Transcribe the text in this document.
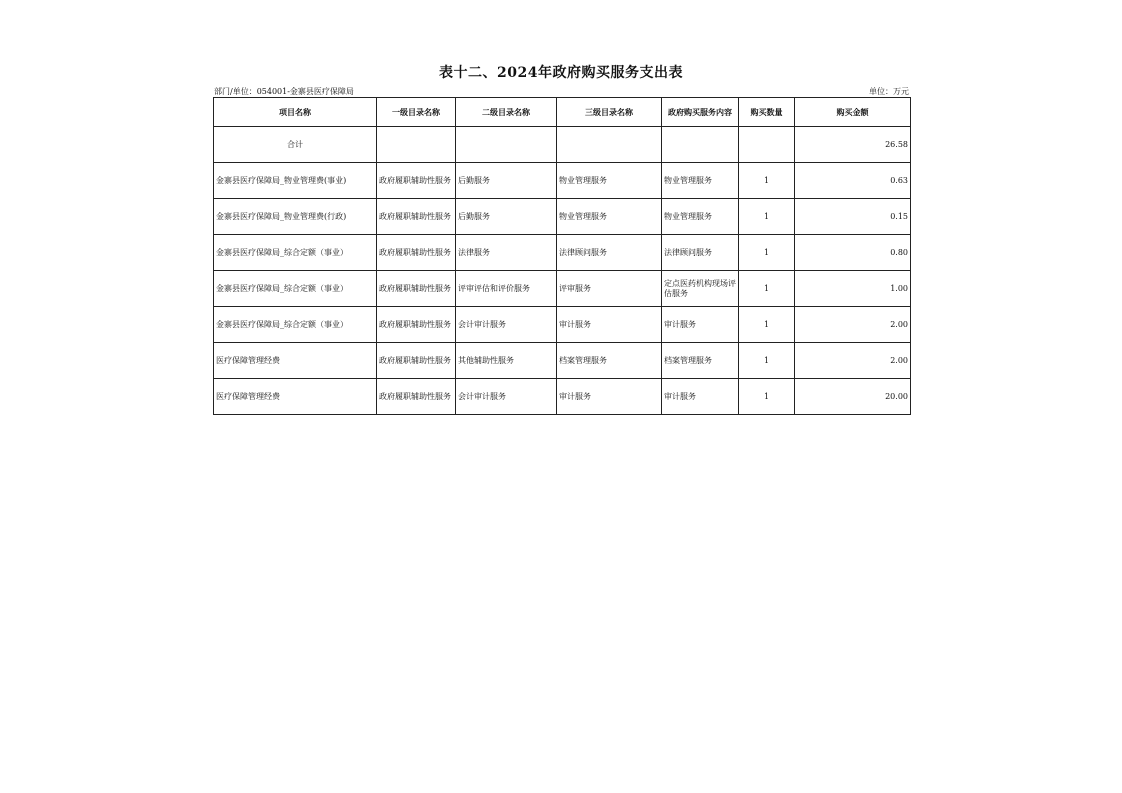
表十二、2024年政府购买服务支出表
部门/单位：054001-金寨县医疗保障局	单位：万元
项目名称	一级目录名称	二级目录名称	三级目录名称	政府购买服务内容	购买数量	购买金额
合计						26.58
金寨县医疗保障局_物业管理费(事业)	政府履职辅助性服务	后勤服务	物业管理服务	物业管理服务	1	0.63
金寨县医疗保障局_物业管理费(行政)	政府履职辅助性服务	后勤服务	物业管理服务	物业管理服务	1	0.15
金寨县医疗保障局_综合定额（事业）	政府履职辅助性服务	法律服务	法律顾问服务	法律顾问服务	1	0.80
金寨县医疗保障局_综合定额（事业）	政府履职辅助性服务	评审评估和评价服务	评审服务	定点医药机构现场评估服务	1	1.00
金寨县医疗保障局_综合定额（事业）	政府履职辅助性服务	会计审计服务	审计服务	审计服务	1	2.00
医疗保障管理经费	政府履职辅助性服务	其他辅助性服务	档案管理服务	档案管理服务	1	2.00
医疗保障管理经费	政府履职辅助性服务	会计审计服务	审计服务	审计服务	1	20.00
